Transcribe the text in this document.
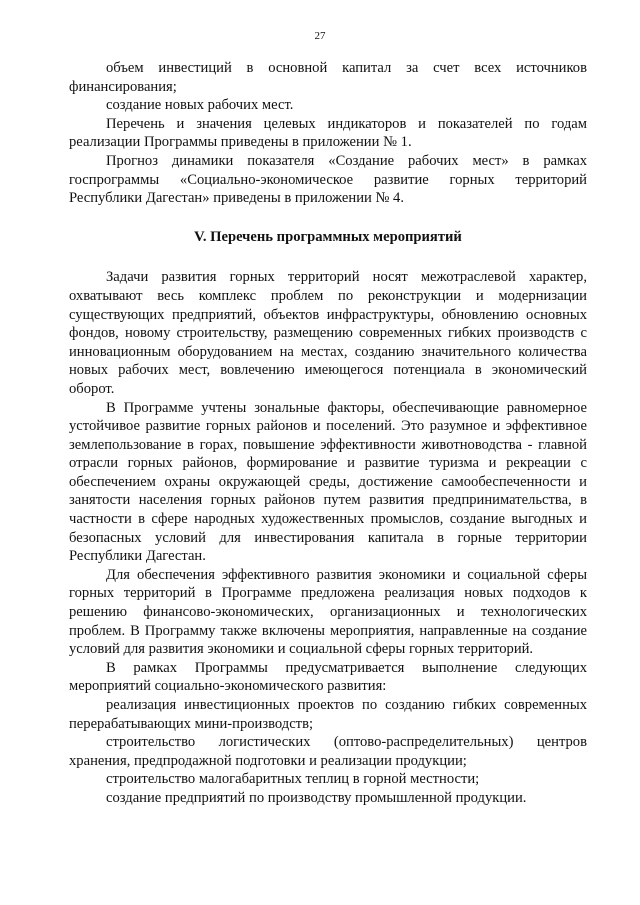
27

объем инвестиций в основной капитал за счет всех источников финансирования;

создание новых рабочих мест.

Перечень и значения целевых индикаторов и показателей по годам реализации Программы приведены в приложении № 1.

Прогноз динамики показателя «Создание рабочих мест» в рамках госпрограммы «Социально-экономическое развитие горных территорий Республики Дагестан» приведены в приложении № 4.

V. Перечень программных мероприятий

Задачи развития горных территорий носят межотраслевой характер, охватывают весь комплекс проблем по реконструкции и модернизации существующих предприятий, объектов инфраструктуры, обновлению основных фондов, новому строительству, размещению современных гибких производств с инновационным оборудованием на местах, созданию значительного количества новых рабочих мест, вовлечению имеющегося потенциала в экономический оборот.

В Программе учтены зональные факторы, обеспечивающие равномерное устойчивое развитие горных районов и поселений. Это разумное и эффективное землепользование в горах, повышение эффективности животноводства - главной отрасли горных районов, формирование и развитие туризма и рекреации с обеспечением охраны окружающей среды, достижение самообеспеченности и занятости населения горных районов путем развития предпринимательства, в частности в сфере народных художественных промыслов, создание выгодных и безопасных условий для инвестирования капитала в горные территории Республики Дагестан.

Для обеспечения эффективного развития экономики и социальной сферы горных территорий в Программе предложена реализация новых подходов к решению финансово-экономических, организационных и технологических проблем. В Программу также включены мероприятия, направленные на создание условий для развития экономики и социальной сферы горных территорий.

В рамках Программы предусматривается выполнение следующих мероприятий социально-экономического развития:

реализация инвестиционных проектов по созданию гибких современных перерабатывающих мини-производств;

строительство логистических (оптово-распределительных) центров хранения, предпродажной подготовки и реализации продукции;

строительство малогабаритных теплиц в горной местности;

создание предприятий по производству промышленной продукции.
